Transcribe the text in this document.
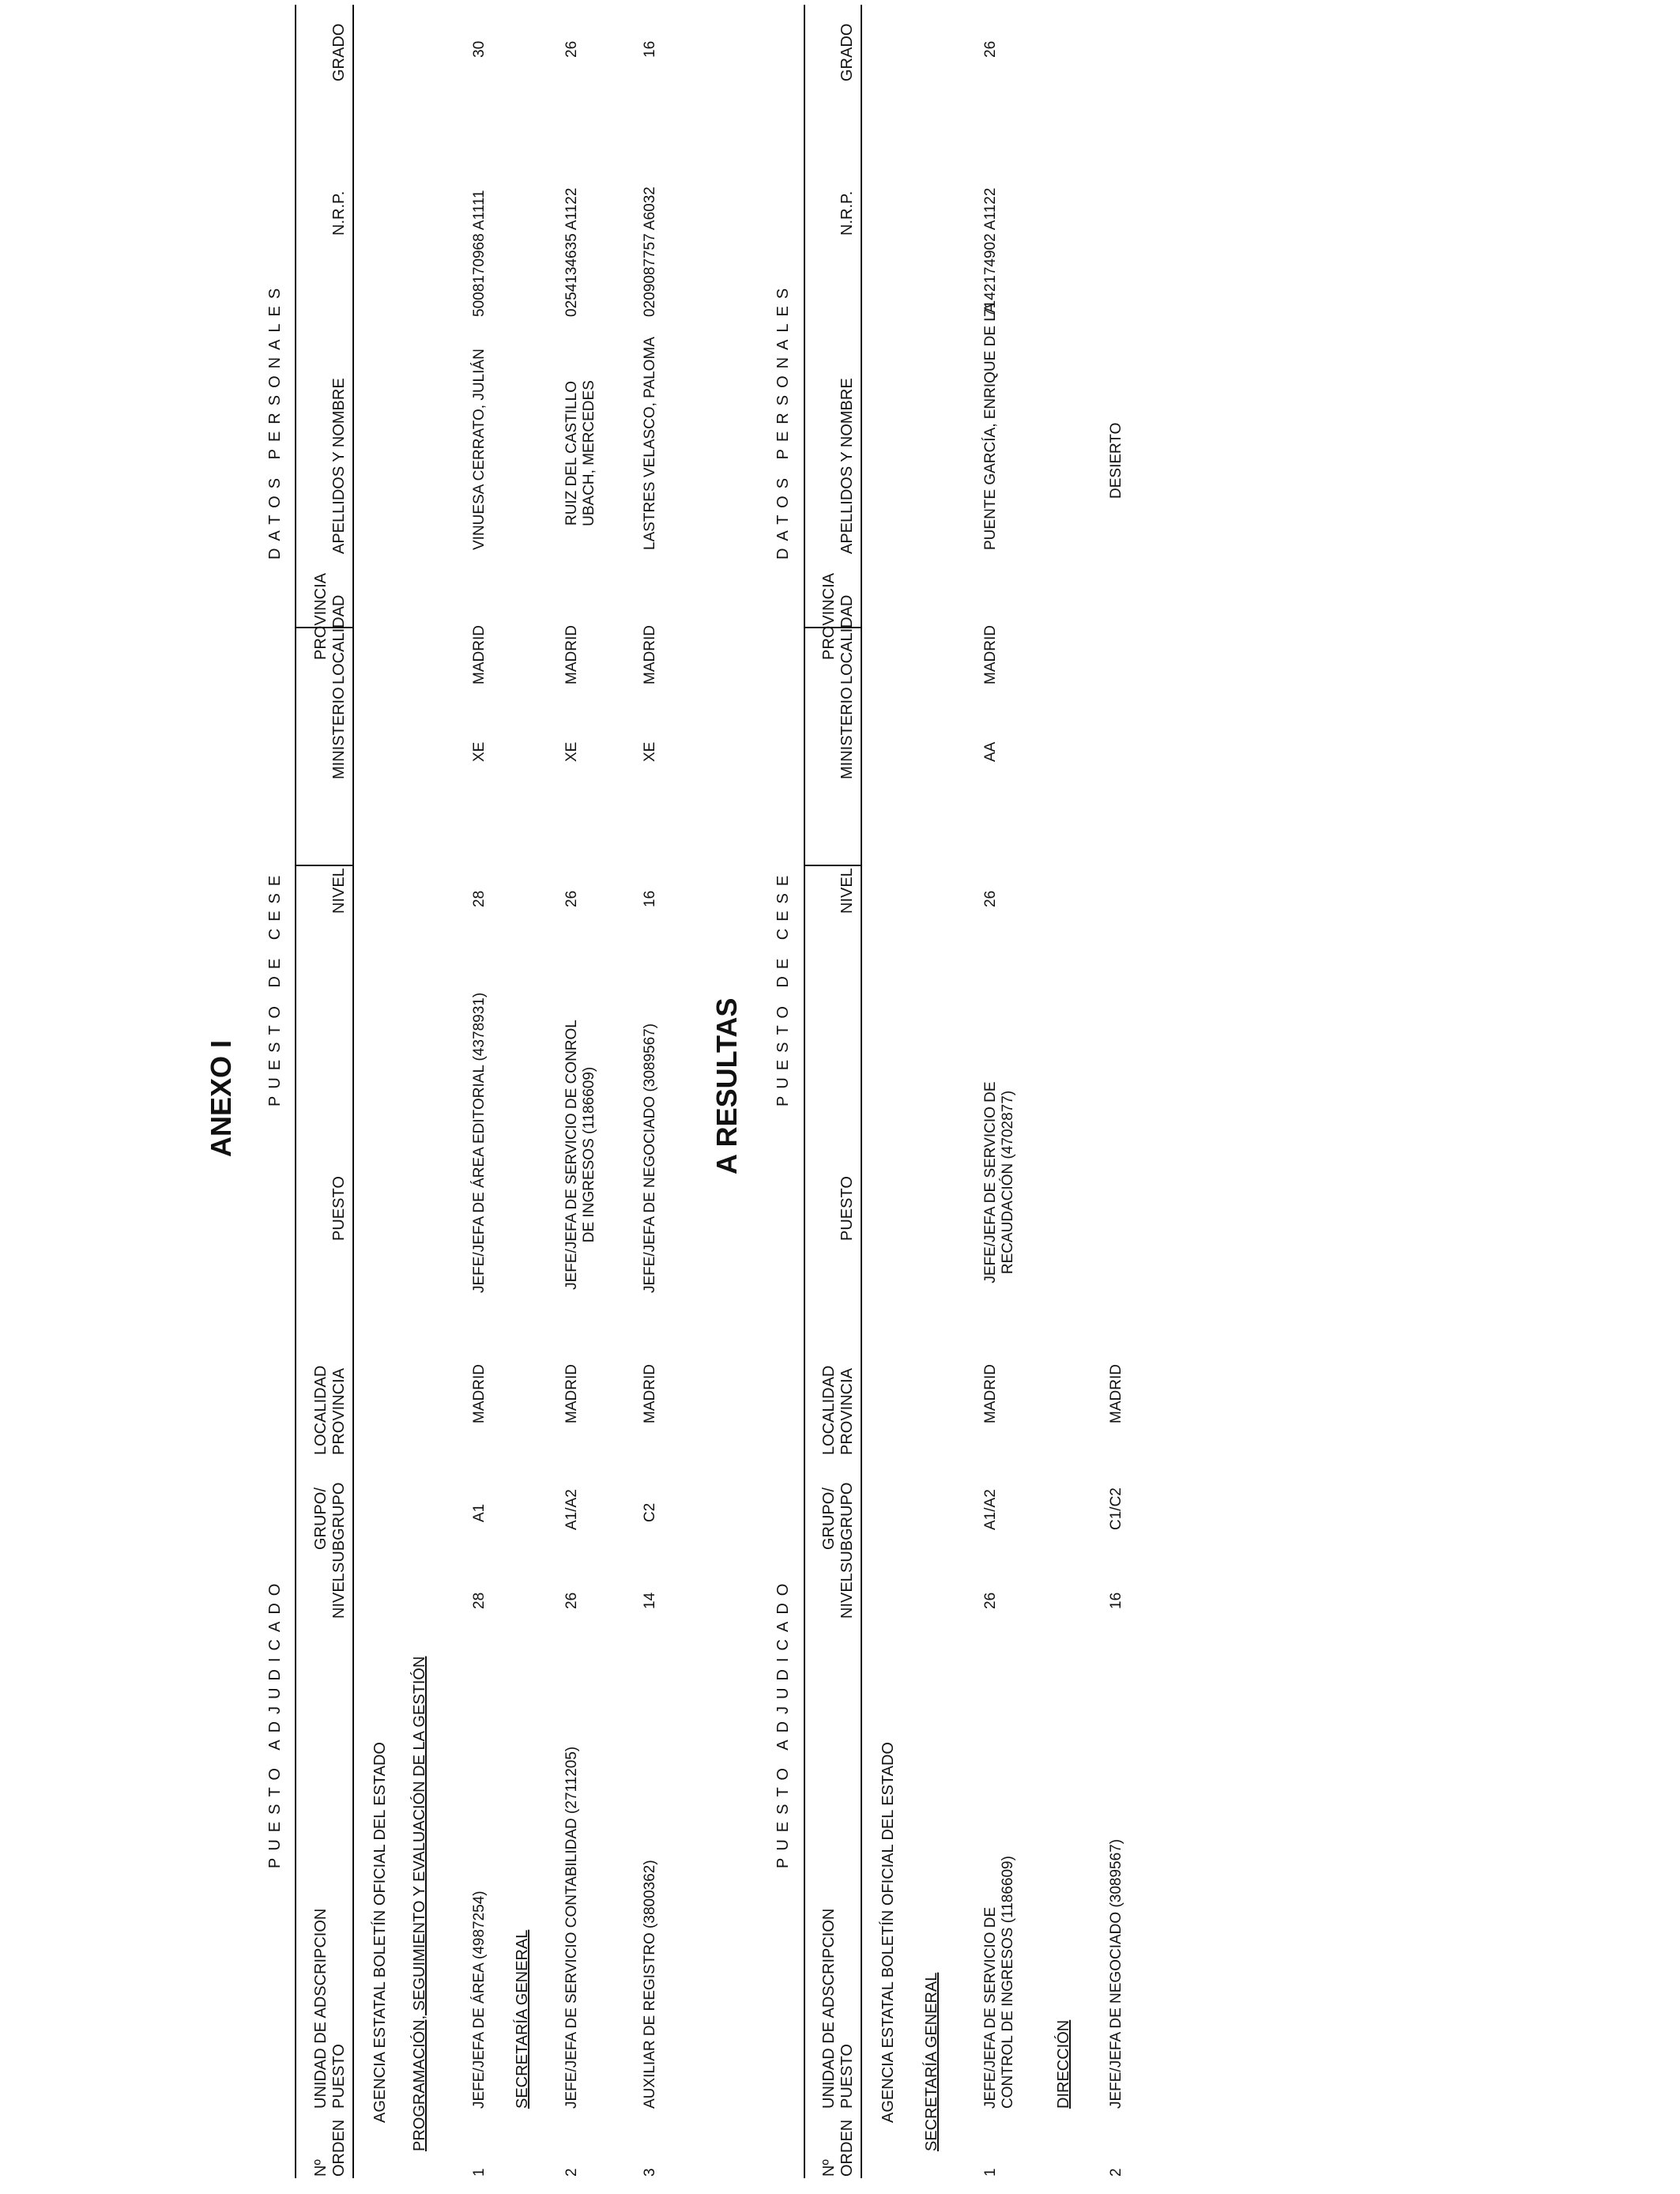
ANEXO I
PUESTO ADJUDICADO
PUESTO DE CESE
DATOS PERSONALES
Nº ORDEN
UNIDAD DE ADSCRIPCION PUESTO
NIVEL
GRUPO/ SUBGRUPO
LOCALIDAD PROVINCIA
PUESTO
NIVEL
MINISTERIO
PROVINCIA LOCALIDAD
APELLIDOS Y NOMBRE
N.R.P.
GRADO
AGENCIA ESTATAL BOLETÍN OFICIAL DEL ESTADO PROGRAMACIÓN, SEGUIMIENTO Y EVALUACIÓN DE LA GESTIÓN
1
JEFE/JEFA DE ÁREA (4987254)
28
A1
MADRID
JEFE/JEFA DE ÁREA EDITORIAL (4378931)
28
XE
MADRID
VINUESA CERRATO, JULIÁN
5008170968 A1111
30
SECRETARÍA GENERAL
2
JEFE/JEFA DE SERVICIO CONTABILIDAD (2711205)
26
A1/A2
MADRID
JEFE/JEFA DE SERVICIO DE CONROL DE INGRESOS (1186609)
26
XE
MADRID
RUIZ DEL CASTILLO UBACH, MERCEDES
0254134635 A1122
26
3
AUXILIAR DE REGISTRO (3800362)
14
C2
MADRID
JEFE/JEFA DE NEGOCIADO (3089567)
16
XE
MADRID
LASTRES VELASCO, PALOMA
0209087757 A6032
16
A RESULTAS
PUESTO ADJUDICADO
PUESTO DE CESE
DATOS PERSONALES
Nº ORDEN
UNIDAD DE ADSCRIPCION PUESTO
NIVEL
GRUPO/ SUBGRUPO
LOCALIDAD PROVINCIA
PUESTO
NIVEL
MINISTERIO
PROVINCIA LOCALIDAD
APELLIDOS Y NOMBRE
N.R.P.
GRADO
AGENCIA ESTATAL BOLETÍN OFICIAL DEL ESTADO SECRETARÍA GENERAL
1
JEFE/JEFA DE SERVICIO DE CONTROL DE INGRESOS (1186609)
26
A1/A2
MADRID
JEFE/JEFA DE SERVICIO DE RECAUDACIÓN (4702877)
26
AA
MADRID
PUENTE GARCÍA, ENRIQUE DE LA
7142174902 A1122
26
DIRECCIÓN
2
JEFE/JEFA DE NEGOCIADO (3089567)
16
C1/C2
MADRID
DESIERTO
